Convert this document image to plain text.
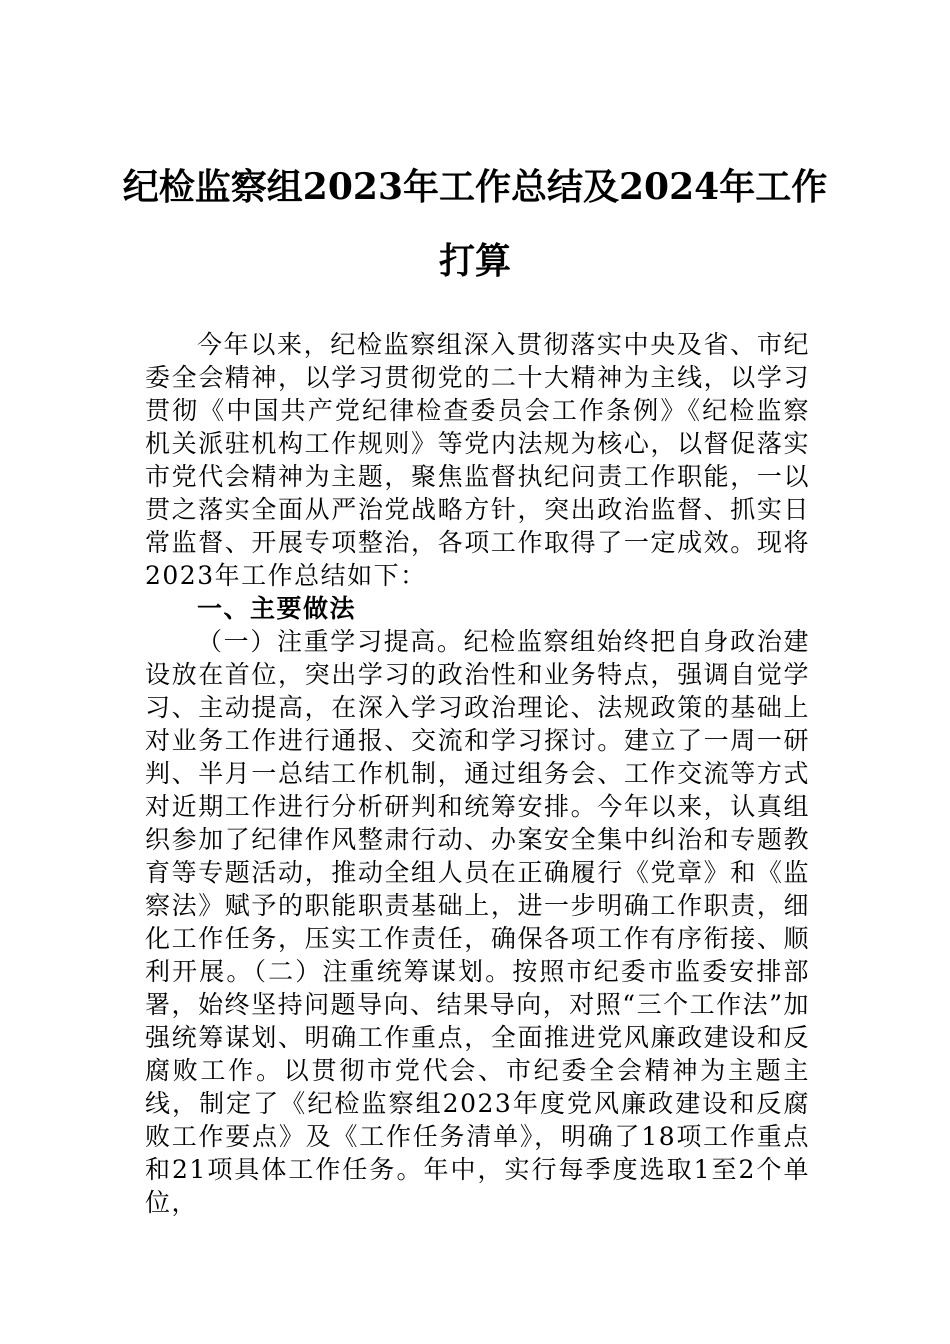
纪检监察组2023年工作总结及2024年工作
打算

今年以来，纪检监察组深入贯彻落实中央及省、市纪委全会精神，以学习贯彻党的二十大精神为主线，以学习贯彻《中国共产党纪律检查委员会工作条例》《纪检监察机关派驻机构工作规则》等党内法规为核心，以督促落实市党代会精神为主题，聚焦监督执纪问责工作职能，一以贯之落实全面从严治党战略方针，突出政治监督、抓实日常监督、开展专项整治，各项工作取得了一定成效。现将2023年工作总结如下：

一、主要做法

（一）注重学习提高。纪检监察组始终把自身政治建设放在首位，突出学习的政治性和业务特点，强调自觉学习、主动提高，在深入学习政治理论、法规政策的基础上对业务工作进行通报、交流和学习探讨。建立了一周一研判、半月一总结工作机制，通过组务会、工作交流等方式对近期工作进行分析研判和统筹安排。今年以来，认真组织参加了纪律作风整肃行动、办案安全集中纠治和专题教育等专题活动，推动全组人员在正确履行《党章》和《监察法》赋予的职能职责基础上，进一步明确工作职责，细化工作任务，压实工作责任，确保各项工作有序衔接、顺利开展。（二）注重统筹谋划。按照市纪委市监委安排部署，始终坚持问题导向、结果导向，对照“三个工作法”加强统筹谋划、明确工作重点，全面推进党风廉政建设和反腐败工作。以贯彻市党代会、市纪委全会精神为主题主线，制定了《纪检监察组2023年度党风廉政建设和反腐败工作要点》及《工作任务清单》，明确了18项工作重点和21项具体工作任务。年中，实行每季度选取1至2个单位，
